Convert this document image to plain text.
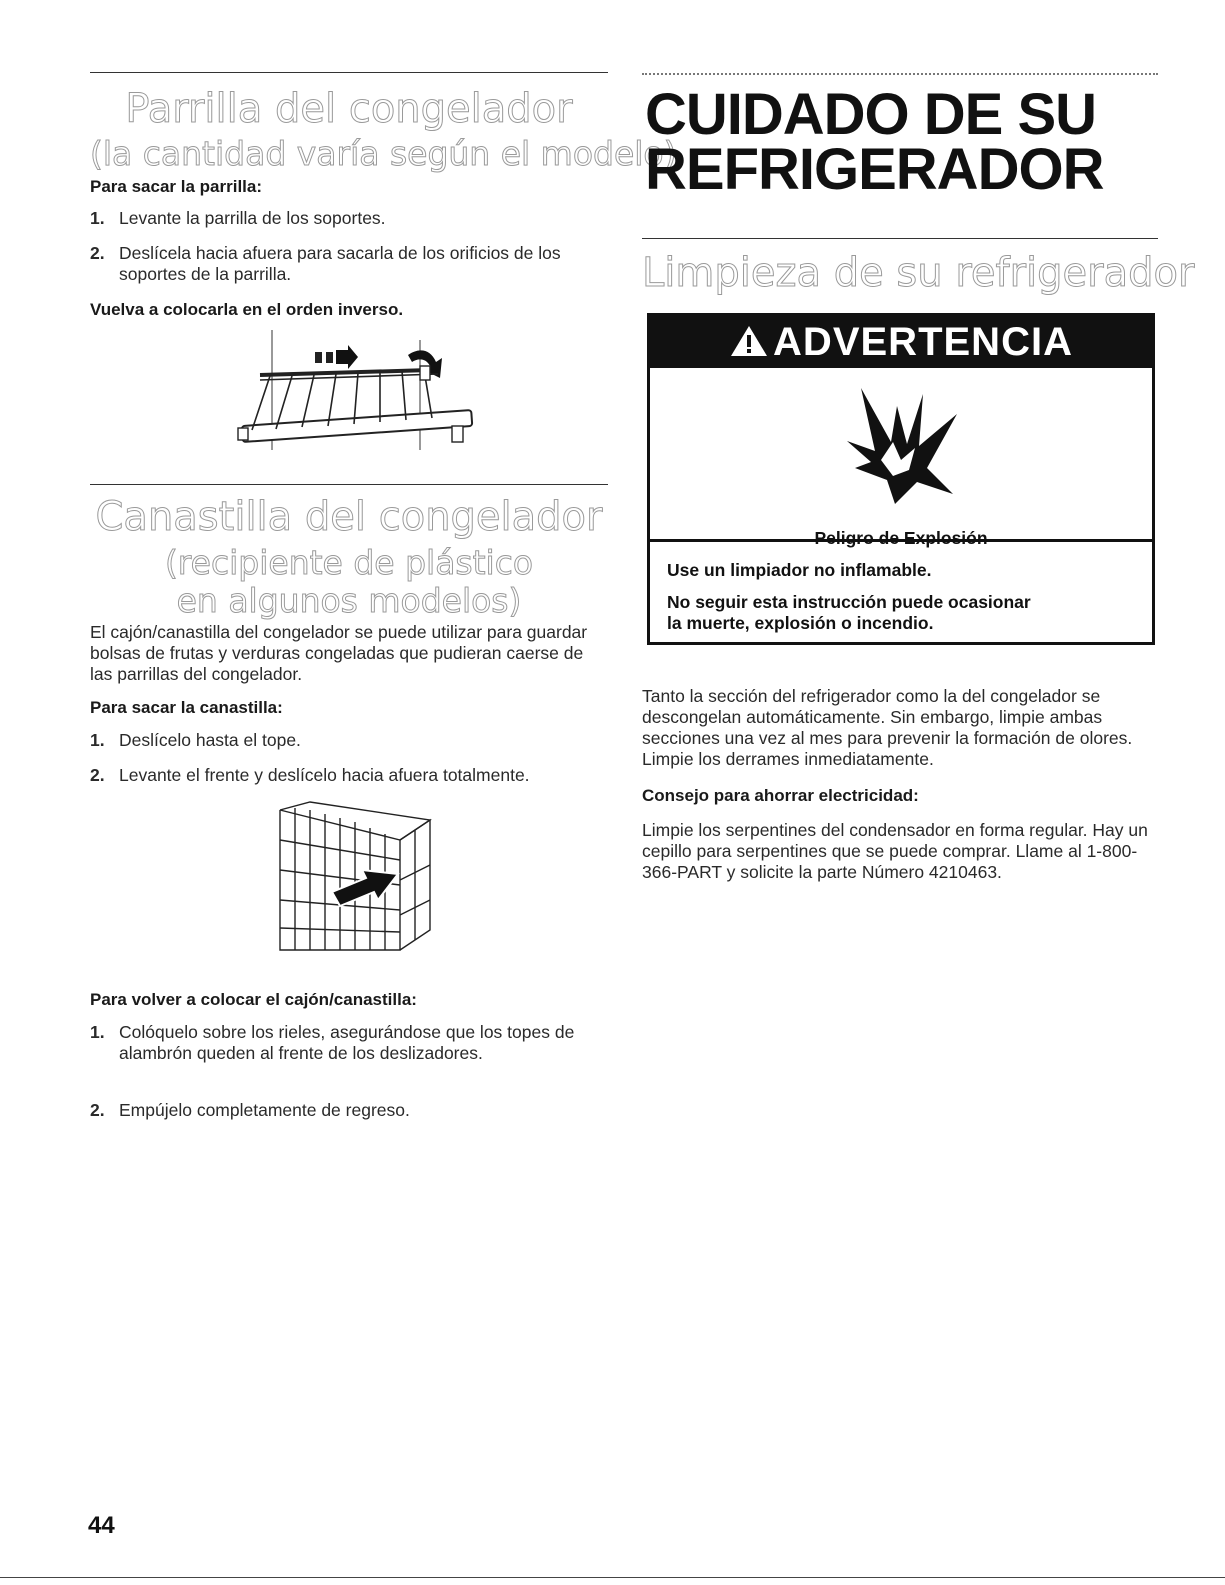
Parrilla del congelador
(la cantidad varía según el modelo)

Para sacar la parrilla:

1. Levante la parrilla de los soportes.
2. Deslícela hacia afuera para sacarla de los orificios de los soportes de la parrilla.

Vuelva a colocarla en el orden inverso.

Canastilla del congelador
(recipiente de plástico
en algunos modelos)

El cajón/canastilla del congelador se puede utilizar para guardar bolsas de frutas y verduras congeladas que pudieran caerse de las parrillas del congelador.

Para sacar la canastilla:

1. Deslícelo hasta el tope.
2. Levante el frente y deslícelo hacia afuera totalmente.

Para volver a colocar el cajón/canastilla:

1. Colóquelo sobre los rieles, asegurándose que los topes de alambrón queden al frente de los deslizadores.
2. Empújelo completamente de regreso.
CUIDADO DE SU
REFRIGERADOR
Limpieza de su refrigerador
ADVERTENCIA

Peligro de Explosión

Use un limpiador no inflamable.

No seguir esta instrucción puede ocasionar

la muerte, explosión o incendio.

Tanto la sección del refrigerador como la del congelador se descongelan automáticamente. Sin embargo, limpie ambas secciones una vez al mes para prevenir la formación de olores. Limpie los derrames inmediatamente.

Consejo para ahorrar electricidad:

Limpie los serpentines del condensador en forma regular. Hay un cepillo para serpentines que se puede comprar. Llame al 1-800-366-PART y solicite la parte Número 4210463.

44
